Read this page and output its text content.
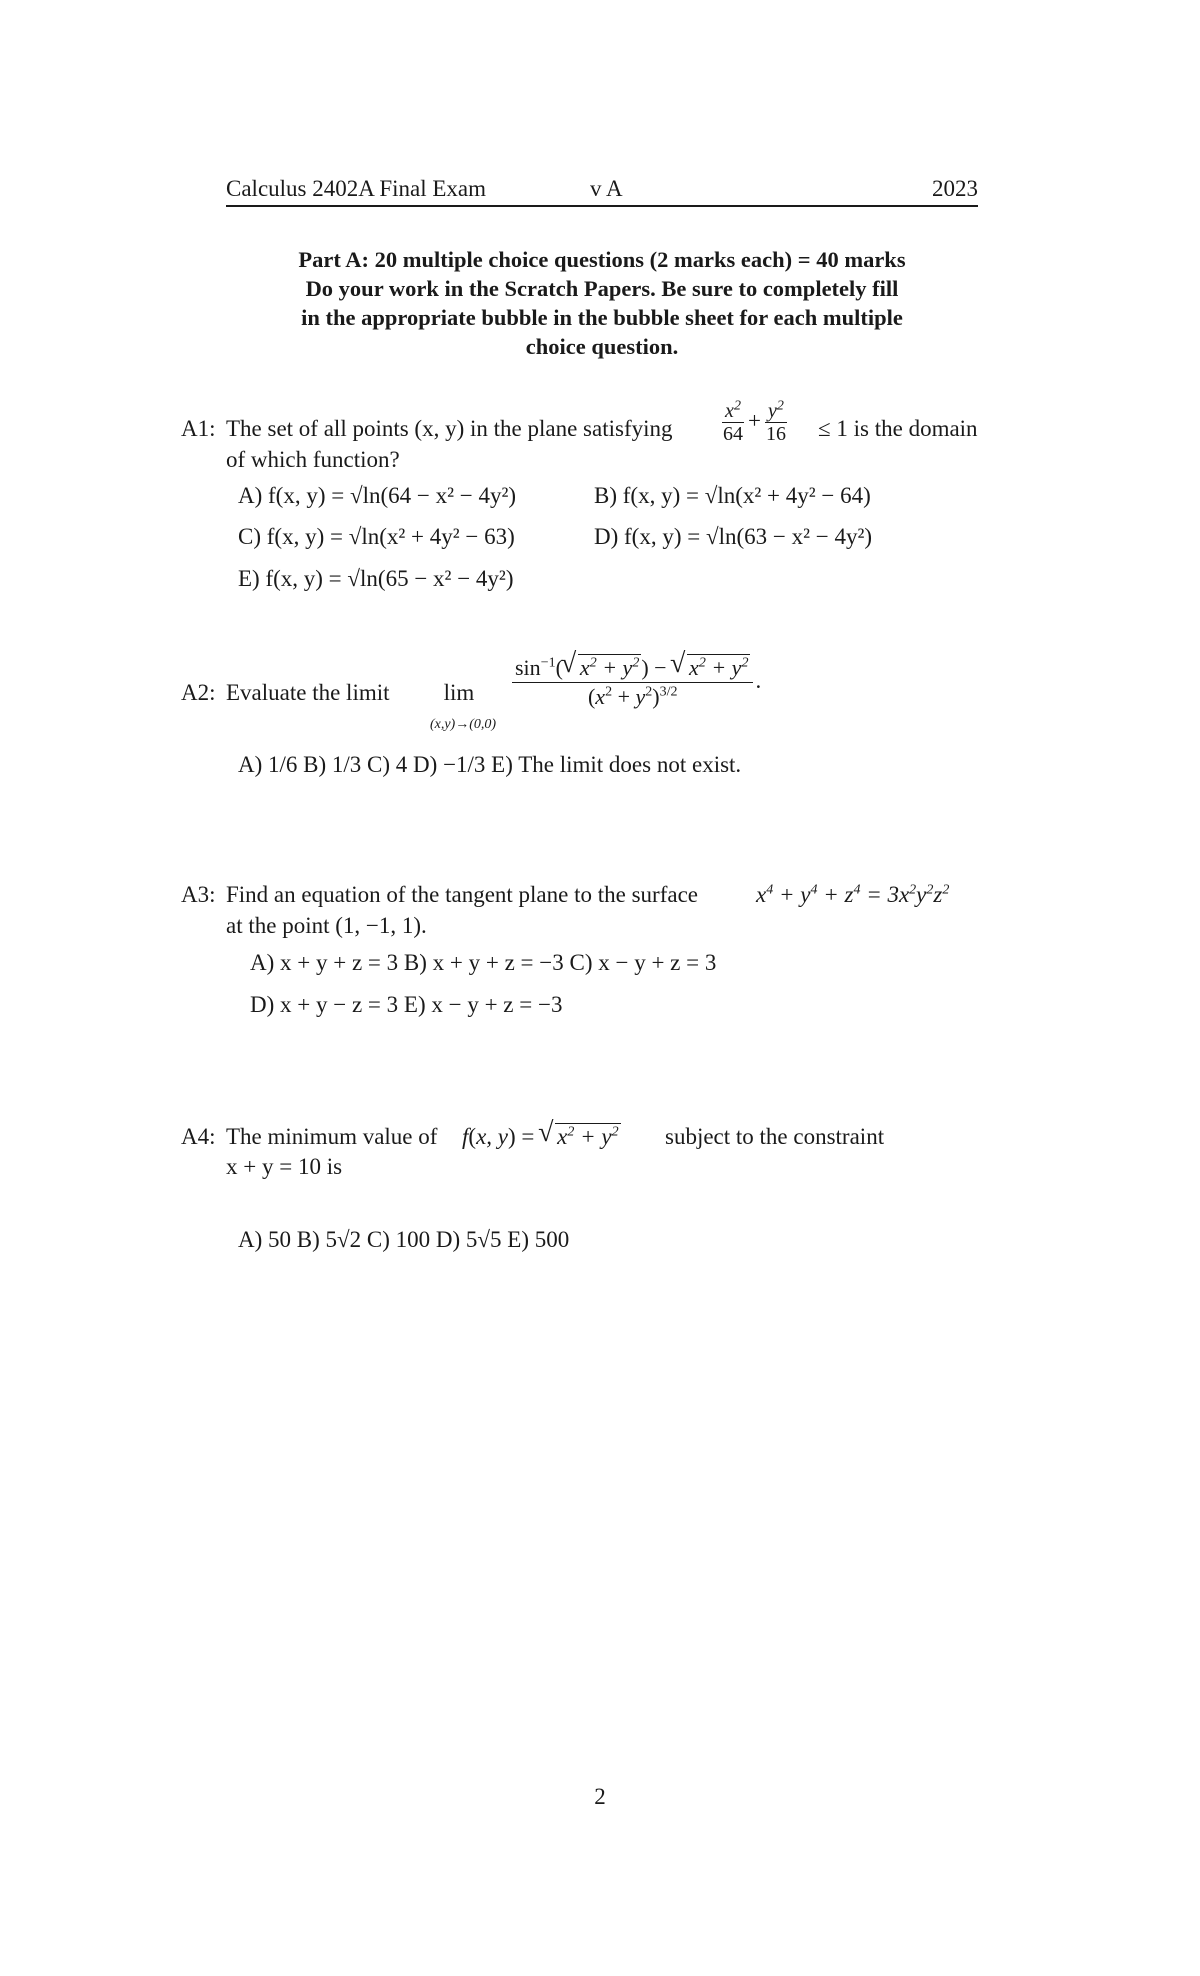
Calculus 2402A Final Exam	v A	2023
Part A: 20 multiple choice questions (2 marks each) = 40 marks
Do your work in the Scratch Papers. Be sure to completely fill
in the appropriate bubble in the bubble sheet for each multiple
choice question.
A1: The set of all points (x, y) in the plane satisfying $\frac{x^2}{64} + \frac{y^2}{16} \le 1$ is the domain
of which function?
A) f(x, y) = √ln(64 − x² − 4y²)	B) f(x, y) = √ln(x² + 4y² − 64)
C) f(x, y) = √ln(x² + 4y² − 63)	D) f(x, y) = √ln(63 − x² − 4y²)
E) f(x, y) = √ln(65 − x² − 4y²)
A2: Evaluate the limit	lim
(x,y)→(0,0)
$\frac{\sin^{-1}(√ x^2 + y^2) - √ x^2 + y^2}{(x^2 + y^2)^{3/2}}$ .
A) 1/6 B) 1/3 C) 4 D) −1/3 E) The limit does not exist.
A3: Find an equation of the tangent plane to the surface	$x^4 + y^4 + z^4 = 3x^2y^2z^2$
at the point (1, −1, 1).
A) x + y + z = 3 B) x + y + z = −3 C) x − y + z = 3
D) x + y − z = 3 E) x − y + z = −3
A4: The minimum value of f(x, y) = √ $x^2 + y^2$ subject to the constraint
x + y = 10 is
A) 50 B) 5√2 C) 100 D) 5√5 E) 500
2
